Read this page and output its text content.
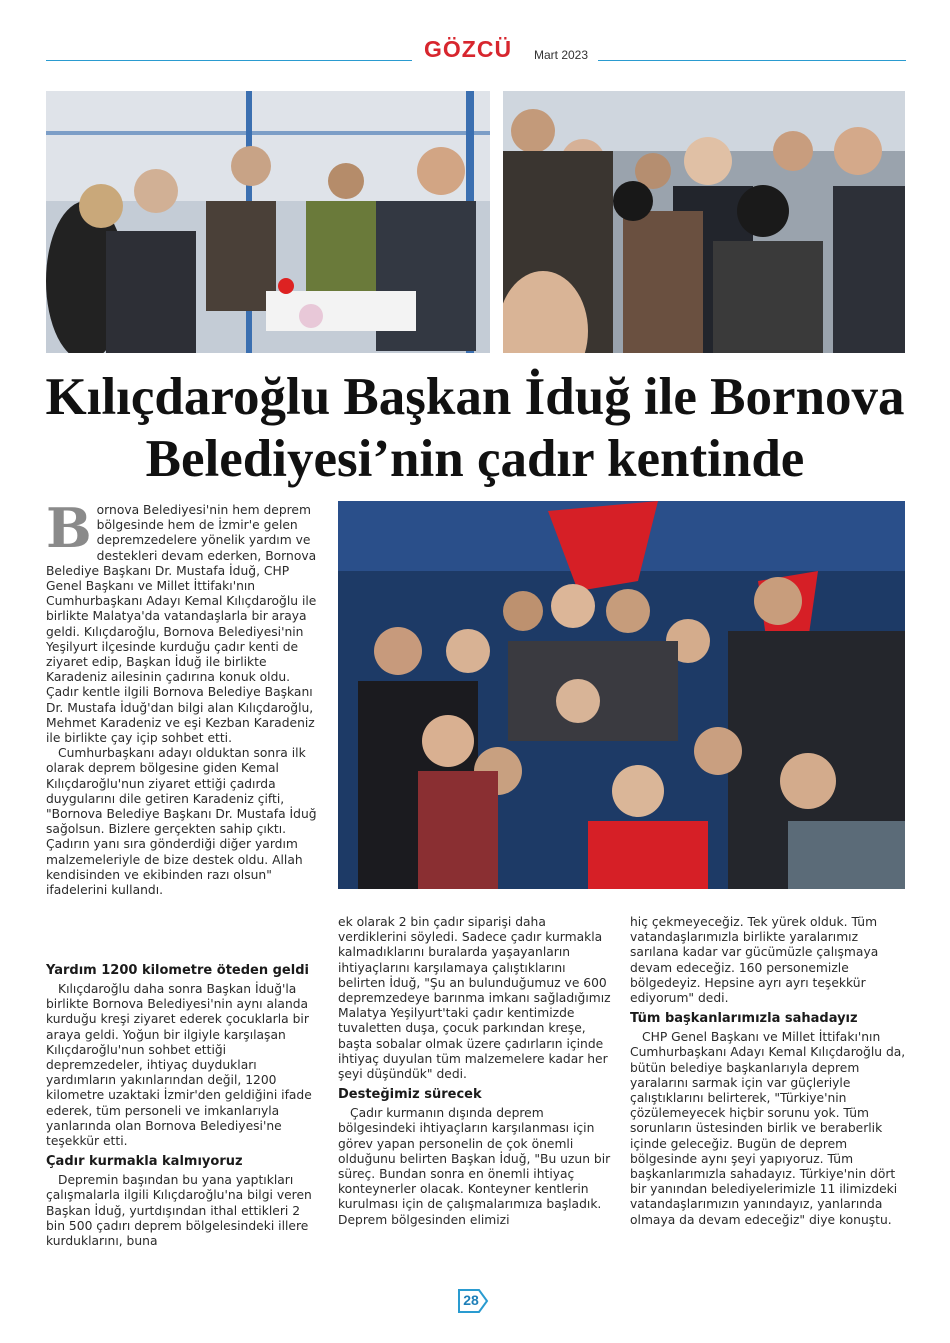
GÖZCÜ Mart 2023
Kılıçdaroğlu Başkan İduğ ile Bornova
Belediyesi’nin çadır kentinde
B ornova Belediyesi'nin hem deprem bölgesinde hem de İzmir'e gelen depremzedelere yönelik yardım ve destekleri devam ederken, Bornova Belediye Başkanı Dr. Mustafa İduğ, CHP Genel Başkanı ve Millet İttifakı'nın Cumhurbaşkanı Adayı Kemal Kılıçdaroğlu ile birlikte Malatya'da vatandaşlarla bir araya geldi. Kılıçdaroğlu, Bornova Belediyesi'nin Yeşilyurt ilçesinde kurduğu çadır kenti de ziyaret edip, Başkan İduğ ile birlikte Karadeniz ailesinin çadırına konuk oldu. Çadır kentle ilgili Bornova Belediye Başkanı Dr. Mustafa İduğ'dan bilgi alan Kılıçdaroğlu, Mehmet Karadeniz ve eşi Kezban Karadeniz ile birlikte çay içip sohbet etti.

Cumhurbaşkanı adayı olduktan sonra ilk olarak deprem bölgesine giden Kemal Kılıçdaroğlu'nun ziyaret ettiği çadırda duygularını dile getiren Karadeniz çifti, "Bornova Belediye Başkanı Dr. Mustafa İduğ sağolsun. Bizlere gerçekten sahip çıktı. Çadırın yanı sıra gönderdiği diğer yardım malzemeleriyle de bize destek oldu. Allah kendisinden ve ekibinden razı olsun" ifadelerini kullandı.

Yardım 1200 kilometre öteden geldi

Kılıçdaroğlu daha sonra Başkan İduğ'la birlikte Bornova Belediyesi'nin aynı alanda kurduğu kreşi ziyaret ederek çocuklarla bir araya geldi. Yoğun bir ilgiyle karşılaşan Kılıçdaroğlu'nun sohbet ettiği depremzedeler, ihtiyaç duydukları yardımların yakınlarından değil, 1200 kilometre uzaktaki İzmir'den geldiğini ifade ederek, tüm personeli ve imkanlarıyla yanlarında olan Bornova Belediyesi'ne teşekkür etti.

Çadır kurmakla kalmıyoruz

Depremin başından bu yana yaptıkları çalışmalarla ilgili Kılıçdaroğlu'na bilgi veren Başkan İduğ, yurtdışından ithal ettikleri 2 bin 500 çadırı deprem bölgelesindeki illere kurduklarını, buna

ek olarak 2 bin çadır siparişi daha verdiklerini söyledi. Sadece çadır kurmakla kalmadıklarını buralarda yaşayanların ihtiyaçlarını karşılamaya çalıştıklarını belirten İduğ, "Şu an bulunduğumuz ve 600 depremzedeye barınma imkanı sağladığımız Malatya Yeşilyurt'taki çadır kentimizde tuvaletten duşa, çocuk parkından kreşe, başta sobalar olmak üzere çadırların içinde ihtiyaç duyulan tüm malzemelere kadar her şeyi düşündük" dedi.

Desteğimiz sürecek

Çadır kurmanın dışında deprem bölgesindeki ihtiyaçların karşılanması için görev yapan personelin de çok önemli olduğunu belirten Başkan İduğ, "Bu uzun bir süreç. Bundan sonra en önemli ihtiyaç konteynerler olacak. Konteyner kentlerin kurulması için de çalışmalarımıza başladık. Deprem bölgesinden elimizi

hiç çekmeyeceğiz. Tek yürek olduk. Tüm vatandaşlarımızla birlikte yaralarımız sarılana kadar var gücümüzle çalışmaya devam edeceğiz. 160 personemizle bölgedeyiz. Hepsine ayrı ayrı teşekkür ediyorum" dedi.

Tüm başkanlarımızla sahadayız

CHP Genel Başkanı ve Millet İttifakı'nın Cumhurbaşkanı Adayı Kemal Kılıçdaroğlu da, bütün belediye başkanlarıyla deprem yaralarını sarmak için var güçleriyle çalıştıklarını belirterek, "Türkiye'nin çözülemeyecek hiçbir sorunu yok. Tüm sorunların üstesinden birlik ve beraberlik içinde geleceğiz. Bugün de deprem bölgesinde aynı şeyi yapıyoruz. Tüm başkanlarımızla sahadayız. Türkiye'nin dört bir yanından belediyelerimizle 11 ilimizdeki vatandaşlarımızın yanındayız, yanlarında olmaya da devam edeceğiz" diye konuştu.

28
